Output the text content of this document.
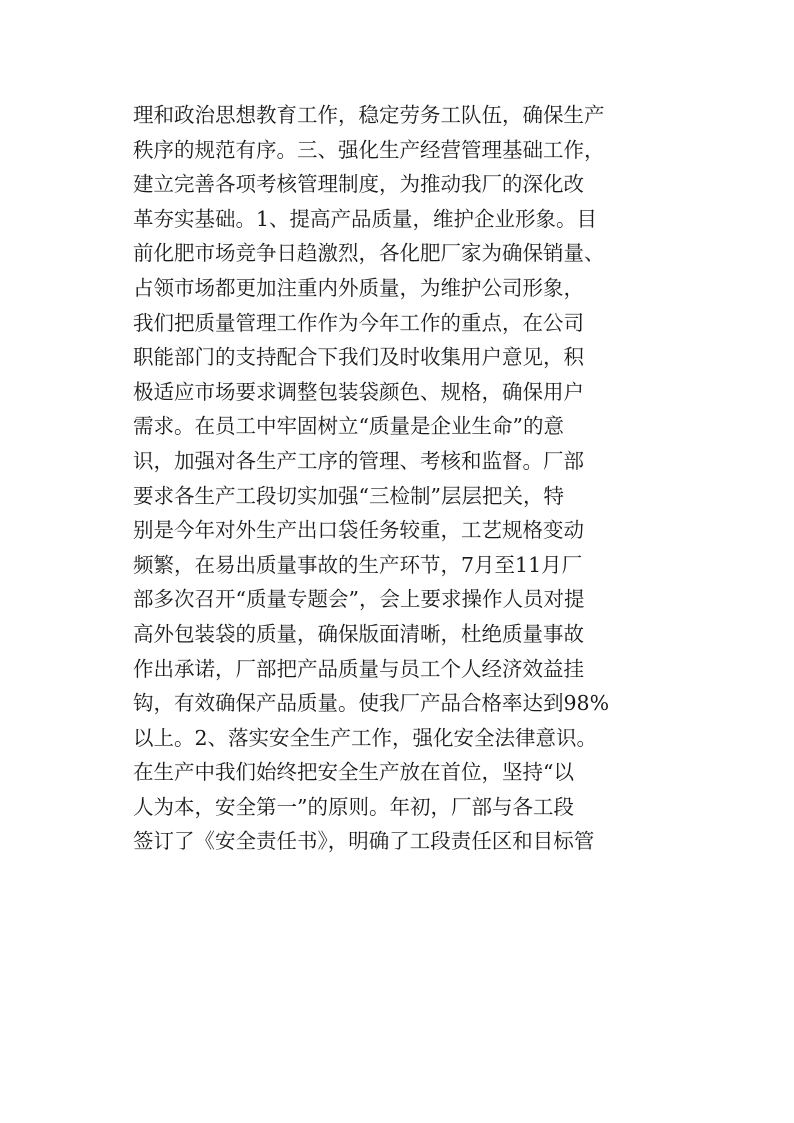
理和政治思想教育工作，稳定劳务工队伍，确保生产
秩序的规范有序。三、强化生产经营管理基础工作，
建立完善各项考核管理制度，为推动我厂的深化改
革夯实基础。1、提高产品质量，维护企业形象。目
前化肥市场竞争日趋激烈，各化肥厂家为确保销量、
占领市场都更加注重内外质量，为维护公司形象，
我们把质量管理工作作为今年工作的重点，在公司
职能部门的支持配合下我们及时收集用户意见，积
极适应市场要求调整包装袋颜色、规格，确保用户
需求。在员工中牢固树立“质量是企业生命”的意
识，加强对各生产工序的管理、考核和监督。厂部
要求各生产工段切实加强“三检制”层层把关，特
别是今年对外生产出口袋任务较重，工艺规格变动
频繁，在易出质量事故的生产环节，7月至11月厂
部多次召开“质量专题会”，会上要求操作人员对提
高外包装袋的质量，确保版面清晰，杜绝质量事故
作出承诺，厂部把产品质量与员工个人经济效益挂
钩，有效确保产品质量。使我厂产品合格率达到98%
以上。2、落实安全生产工作，强化安全法律意识。
在生产中我们始终把安全生产放在首位，坚持“以
人为本，安全第一”的原则。年初，厂部与各工段
签订了《安全责任书》，明确了工段责任区和目标管
